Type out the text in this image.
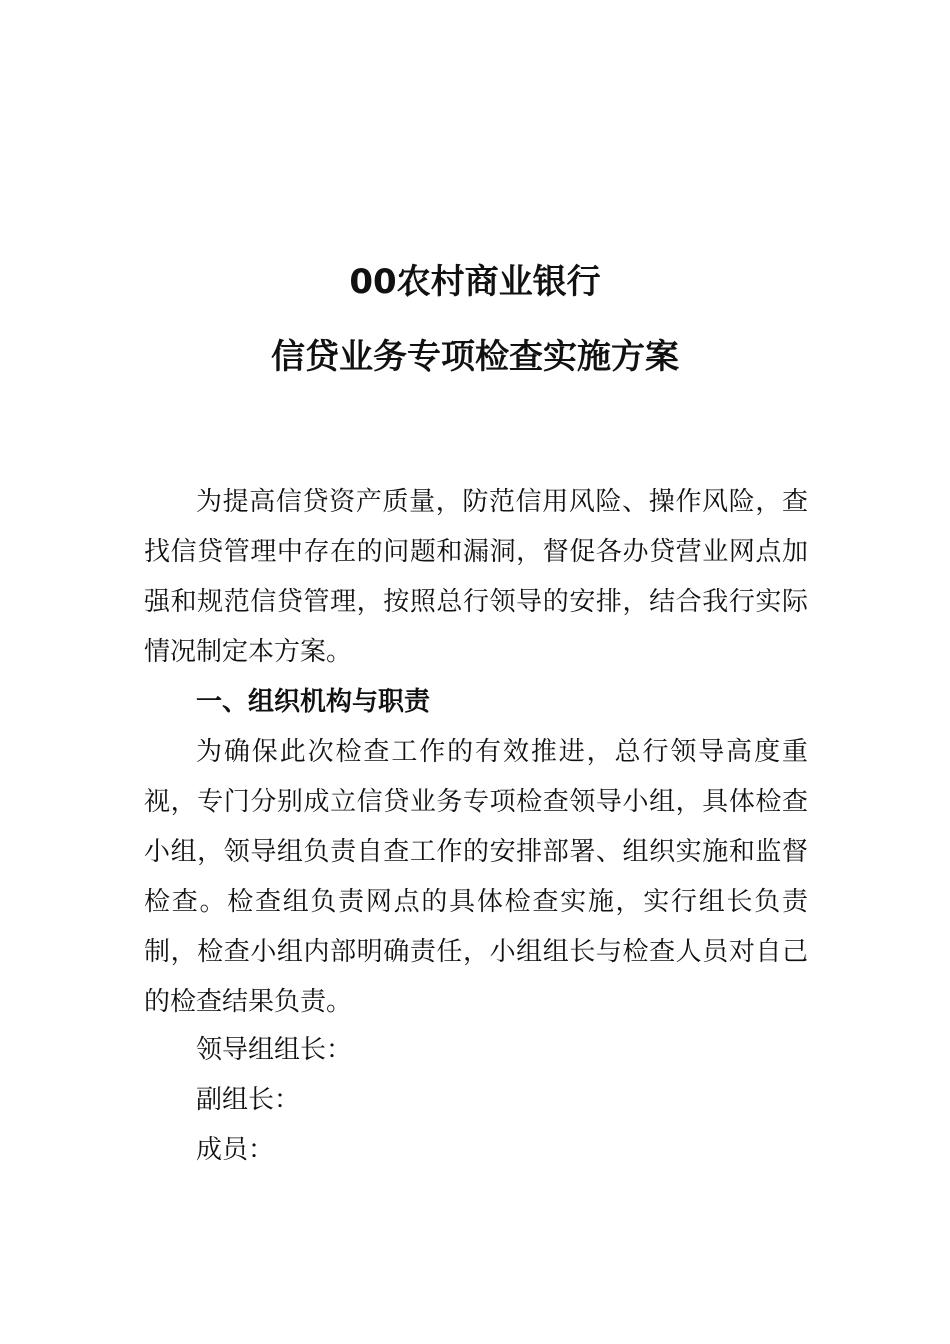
00农村商业银行
信贷业务专项检查实施方案
为提高信贷资产质量，防范信用风险、操作风险，查找信贷管理中存在的问题和漏洞，督促各办贷营业网点加强和规范信贷管理，按照总行领导的安排，结合我行实际情况制定本方案。
一、组织机构与职责
为确保此次检查工作的有效推进，总行领导高度重视，专门分别成立信贷业务专项检查领导小组，具体检查小组，领导组负责自查工作的安排部署、组织实施和监督检查。检查组负责网点的具体检查实施，实行组长负责制，检查小组内部明确责任，小组组长与检查人员对自己的检查结果负责。
领导组组长：
副组长：
成员：
